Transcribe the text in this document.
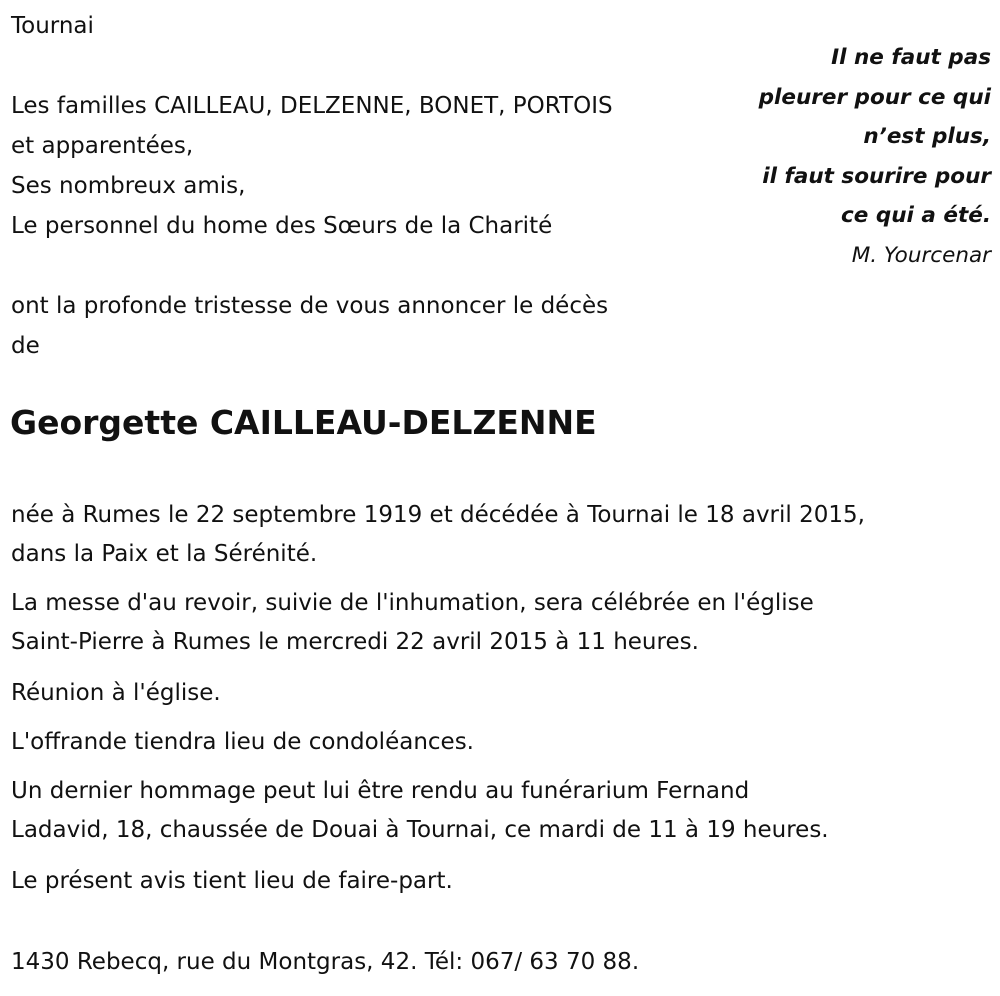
Tournai
Les familles CAILLEAU, DELZENNE, BONET, PORTOIS
et apparentées,
Ses nombreux amis,
Le personnel du home des Sœurs de la Charité
ont la profonde tristesse de vous annoncer le décès
de
Il ne faut pas
pleurer pour ce qui
n’est plus,
il faut sourire pour
ce qui a été.
M. Yourcenar
Georgette CAILLEAU-DELZENNE
née à Rumes le 22 septembre 1919 et décédée à Tournai le 18 avril 2015,
dans la Paix et la Sérénité.
La messe d'au revoir, suivie de l'inhumation, sera célébrée en l'église
Saint-Pierre à Rumes le mercredi 22 avril 2015 à 11 heures.
Réunion à l'église.
L'offrande tiendra lieu de condoléances.
Un dernier hommage peut lui être rendu au funérarium Fernand
Ladavid, 18, chaussée de Douai à Tournai, ce mardi de 11 à 19 heures.
Le présent avis tient lieu de faire-part.
1430 Rebecq, rue du Montgras, 42. Tél: 067/ 63 70 88.
